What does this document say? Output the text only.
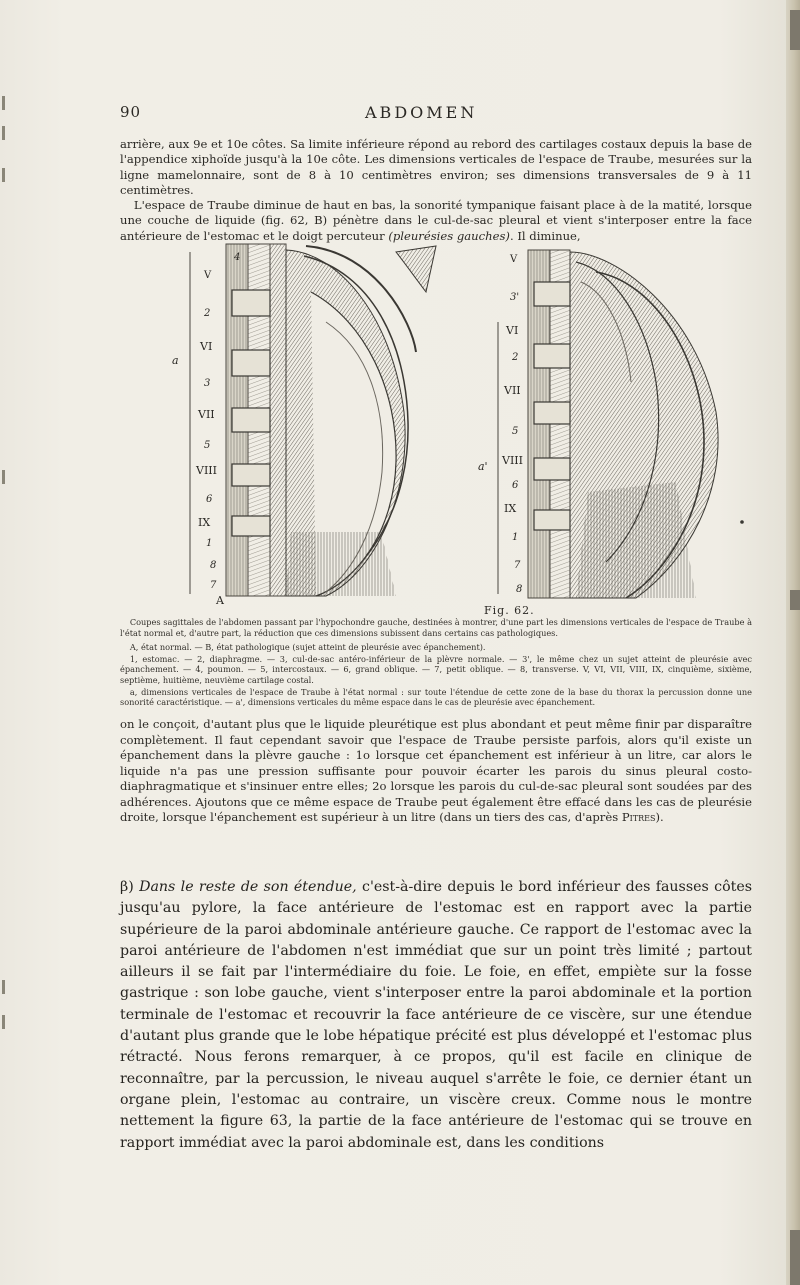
90	ABDOMEN

arrière, aux 9e et 10e côtes. Sa limite inférieure répond au rebord des cartilages costaux depuis la base de l'appendice xiphoïde jusqu'à la 10e côte. Les dimensions verticales de l'espace de Traube, mesurées sur la ligne mamelonnaire, sont de 8 à 10 centimètres environ; ses dimensions transversales de 9 à 11 centimètres.

L'espace de Traube diminue de haut en bas, la sonorité tympanique faisant place à de la matité, lorsque une couche de liquide (fig. 62, B) pénètre dans le cul-de-sac pleural et vient s'interposer entre la face antérieure de l'estomac et le doigt percuteur (pleurésies gauches). Il diminue,

4
V
2
VI
3
VII
5
VIII
6
IX
1
8
7
a
V
3'
VI
2
VII
5
VIII
6
IX
1
7
8
a'
A
Fig. 62.

Coupes sagittales de l'abdomen passant par l'hypochondre gauche, destinées à montrer, d'une part les dimensions verticales de l'espace de Traube à l'état normal et, d'autre part, la réduction que ces dimensions subissent dans certains cas pathologiques.

A, état normal. — B, état pathologique (sujet atteint de pleurésie avec épanchement).

1, estomac. — 2, diaphragme. — 3, cul-de-sac antéro-inférieur de la plèvre normale. — 3', le même chez un sujet atteint de pleurésie avec épanchement. — 4, poumon. — 5, intercostaux. — 6, grand oblique. — 7, petit oblique. — 8, transverse. V, VI, VII, VIII, IX, cinquième, sixième, septième, huitième, neuvième cartilage costal.

a, dimensions verticales de l'espace de Traube à l'état normal : sur toute l'étendue de cette zone de la base du thorax la percussion donne une sonorité caractéristique. — a', dimensions verticales du même espace dans le cas de pleurésie avec épanchement.

on le conçoit, d'autant plus que le liquide pleurétique est plus abondant et peut même finir par disparaître complètement. Il faut cependant savoir que l'espace de Traube persiste parfois, alors qu'il existe un épanchement dans la plèvre gauche : 1o lorsque cet épanchement est inférieur à un litre, car alors le liquide n'a pas une pression suffisante pour pouvoir écarter les parois du sinus pleural costo-diaphragmatique et s'insinuer entre elles; 2o lorsque les parois du cul-de-sac pleural sont soudées par des adhérences. Ajoutons que ce même espace de Traube peut également être effacé dans les cas de pleurésie droite, lorsque l'épanchement est supérieur à un litre (dans un tiers des cas, d'après Pitres).

β) Dans le reste de son étendue, c'est-à-dire depuis le bord inférieur des fausses côtes jusqu'au pylore, la face antérieure de l'estomac est en rapport avec la partie supérieure de la paroi abdominale antérieure gauche. Ce rapport de l'estomac avec la paroi antérieure de l'abdomen n'est immédiat que sur un point très limité ; partout ailleurs il se fait par l'intermédiaire du foie. Le foie, en effet, empiète sur la fosse gastrique : son lobe gauche, vient s'interposer entre la paroi abdominale et la portion terminale de l'estomac et recouvrir la face antérieure de ce viscère, sur une étendue d'autant plus grande que le lobe hépatique précité est plus développé et l'estomac plus rétracté. Nous ferons remarquer, à ce propos, qu'il est facile en clinique de reconnaître, par la percussion, le niveau auquel s'arrête le foie, ce dernier étant un organe plein, l'estomac au contraire, un viscère creux. Comme nous le montre nettement la figure 63, la partie de la face antérieure de l'estomac qui se trouve en rapport immédiat avec la paroi abdominale est, dans les conditions
